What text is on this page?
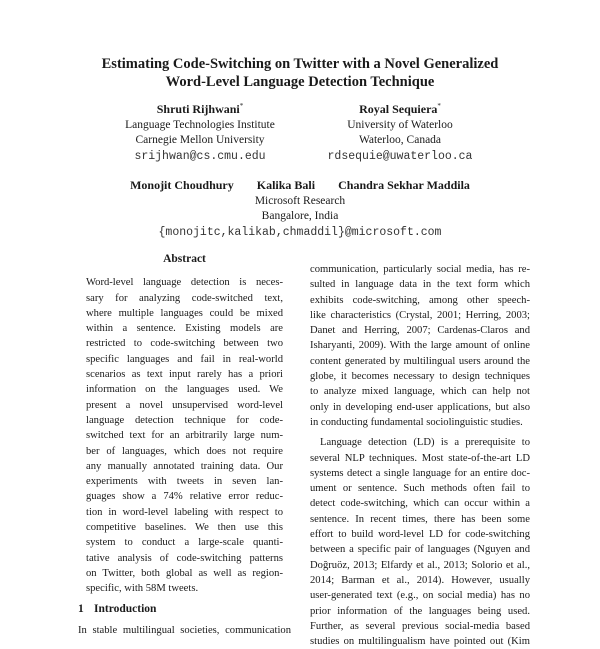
Estimating Code-Switching on Twitter with a Novel Generalized
Word-Level Language Detection Technique
Shruti Rijhwani*
Language Technologies Institute
Carnegie Mellon University
srijhwan@cs.cmu.edu
Royal Sequiera*
University of Waterloo
Waterloo, Canada
rdsequie@uwaterloo.ca
Monojit Choudhury Kalika Bali Chandra Sekhar Maddila
Microsoft Research
Bangalore, India
{monojitc,kalikab,chmaddil}@microsoft.com
Abstract
Word-level language detection is neces-
sary for analyzing code-switched text,
where multiple languages could be mixed
within a sentence. Existing models are
restricted to code-switching between two
specific languages and fail in real-world
scenarios as text input rarely has a priori
information on the languages used. We
present a novel unsupervised word-level
language detection technique for code-
switched text for an arbitrarily large num-
ber of languages, which does not require
any manually annotated training data. Our
experiments with tweets in seven lan-
guages show a 74% relative error reduc-
tion in word-level labeling with respect to
competitive baselines. We then use this
system to conduct a large-scale quanti-
tative analysis of code-switching patterns
on Twitter, both global as well as region-
specific, with 58M tweets.
1 Introduction
In stable multilingual societies, communication
communication, particularly social media, has re-
sulted in language data in the text form which
exhibits code-switching, among other speech-
like characteristics (Crystal, 2001; Herring, 2003;
Danet and Herring, 2007; Cardenas-Claros and
Isharyanti, 2009). With the large amount of online
content generated by multilingual users around the
globe, it becomes necessary to design techniques
to analyze mixed language, which can help not
only in developing end-user applications, but also
in conducting fundamental sociolinguistic studies.
Language detection (LD) is a prerequisite to
several NLP techniques. Most state-of-the-art LD
systems detect a single language for an entire doc-
ument or sentence. Such methods often fail to
detect code-switching, which can occur within a
sentence. In recent times, there has been some
effort to build word-level LD for code-switching
between a specific pair of languages (Nguyen and
Doğruöz, 2013; Elfardy et al., 2013; Solorio et al.,
2014; Barman et al., 2014). However, usually
user-generated text (e.g., on social media) has no
prior information of the languages being used.
Further, as several previous social-media based
studies on multilingualism have pointed out (Kim
